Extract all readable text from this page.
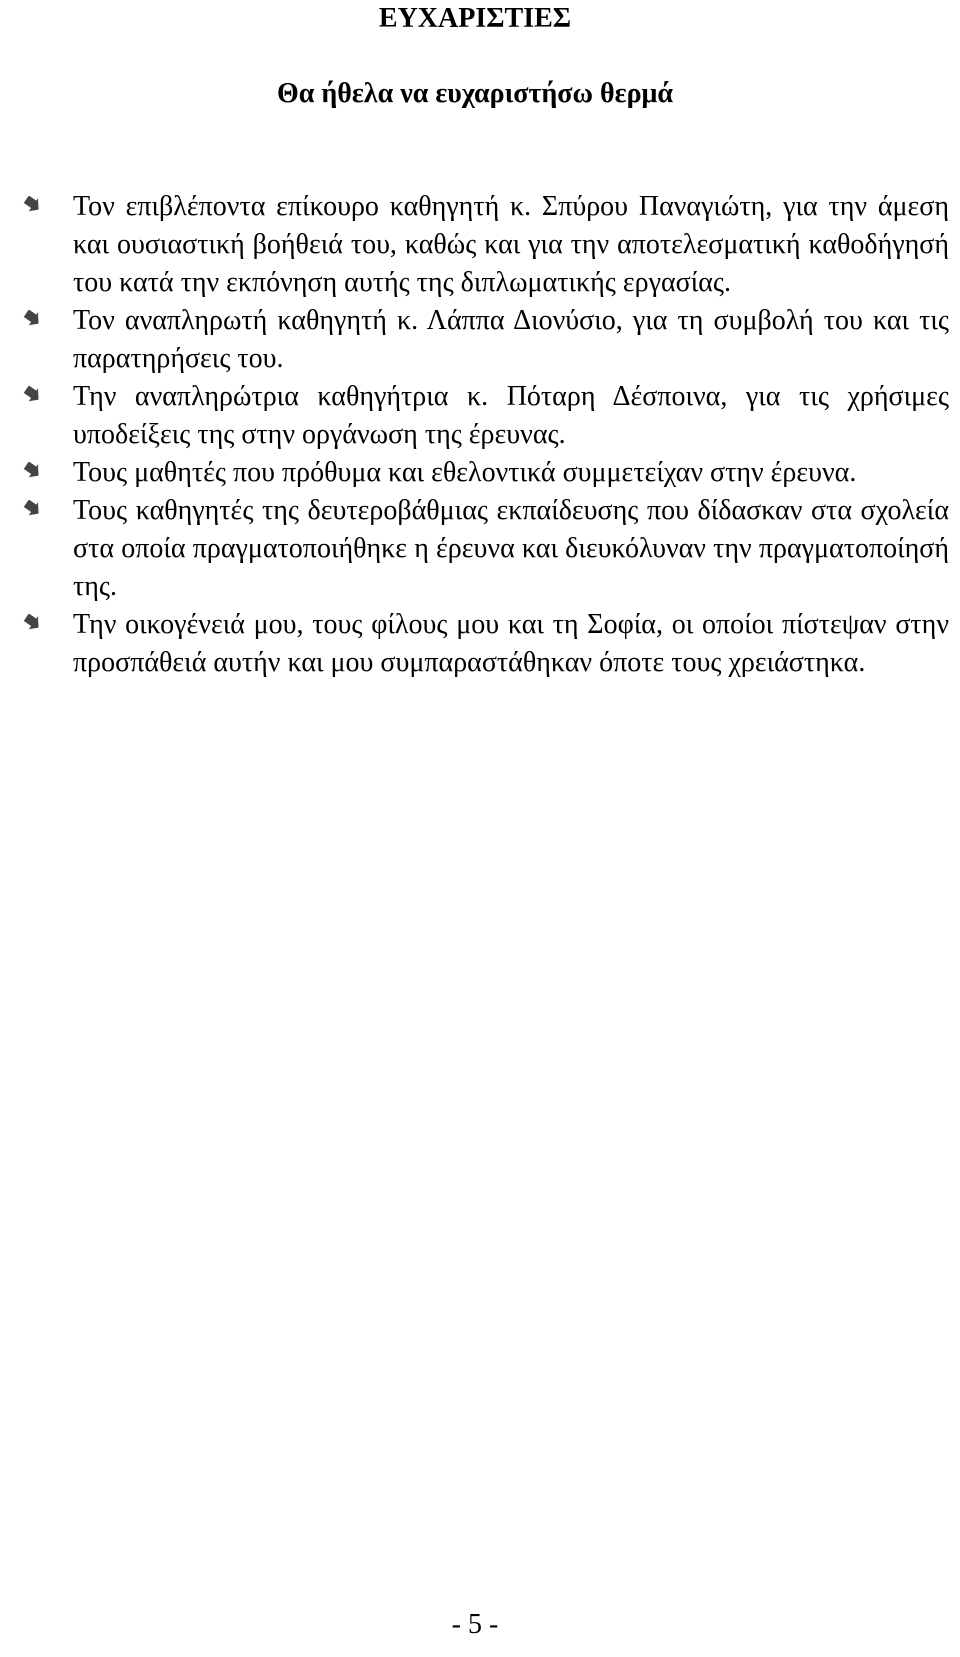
ΕΥΧΑΡΙΣΤΙΕΣ
Θα ήθελα να ευχαριστήσω θερμά
Τον επιβλέποντα επίκουρο καθηγητή κ. Σπύρου Παναγιώτη, για την άμεση και ουσιαστική βοήθειά του, καθώς και για την αποτελεσματική καθοδήγησή του κατά την εκπόνηση αυτής της διπλωματικής εργασίας.
Τον αναπληρωτή καθηγητή κ. Λάππα Διονύσιο, για τη συμβολή του και τις παρατηρήσεις του.
Την αναπληρώτρια καθηγήτρια κ. Πόταρη Δέσποινα, για τις χρήσιμες υποδείξεις της στην οργάνωση της έρευνας.
Τους μαθητές που πρόθυμα και εθελοντικά συμμετείχαν στην έρευνα.
Τους καθηγητές της δευτεροβάθμιας εκπαίδευσης που δίδασκαν στα σχολεία στα οποία πραγματοποιήθηκε η έρευνα και διευκόλυναν την πραγματοποίησή της.
Την οικογένειά μου, τους φίλους μου και τη Σοφία, οι οποίοι πίστεψαν στην προσπάθειά αυτήν και μου συμπαραστάθηκαν όποτε τους χρειάστηκα.
- 5 -
